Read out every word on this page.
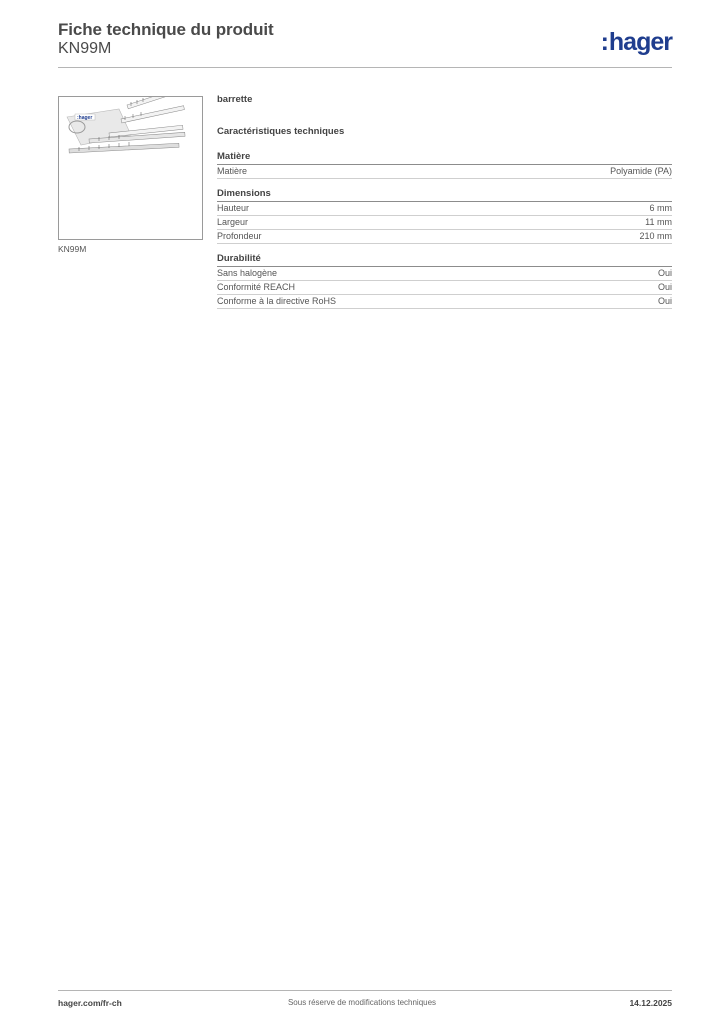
Fiche technique du produit
KN99M	:hager
:hager
KN99M
barrette
Caractéristiques techniques
Matière
Matière	Polyamide (PA)
Dimensions
Hauteur	6 mm
Largeur	11 mm
Profondeur	210 mm
Durabilité
Sans halogène	Oui
Conformité REACH	Oui
Conforme à la directive RoHS	Oui
hager.com/fr-ch	Sous réserve de modifications techniques	14.12.2025
